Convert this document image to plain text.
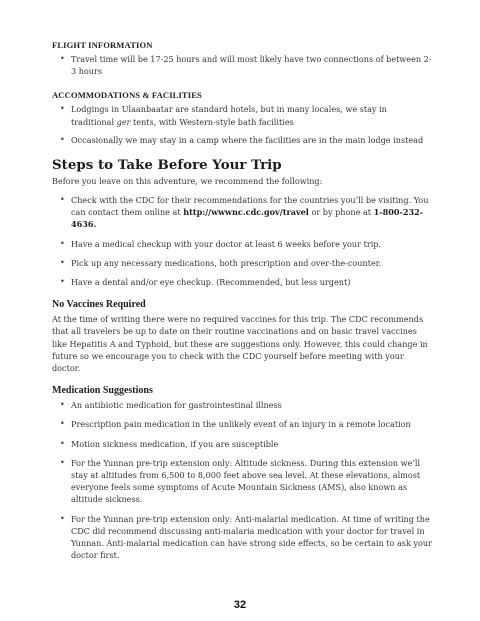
FLIGHT INFORMATION
• Travel time will be 17-25 hours and will most likely have two connections of between 2-3 hours
ACCOMMODATIONS & FACILITIES
• Lodgings in Ulaanbaatar are standard hotels, but in many locales, we stay in traditional ger tents, with Western-style bath facilities
• Occasionally we may stay in a camp where the facilities are in the main lodge instead
Steps to Take Before Your Trip
Before you leave on this adventure, we recommend the following:
• Check with the CDC for their recommendations for the countries you’ll be visiting. You can contact them online at http://wwwnc.cdc.gov/travel or by phone at 1-800-232-4636.
• Have a medical checkup with your doctor at least 6 weeks before your trip.
• Pick up any necessary medications, both prescription and over-the-counter.
• Have a dental and/or eye checkup. (Recommended, but less urgent)
No Vaccines Required
At the time of writing there were no required vaccines for this trip. The CDC recommends that all travelers be up to date on their routine vaccinations and on basic travel vaccines like Hepatitis A and Typhoid, but these are suggestions only. However, this could change in future so we encourage you to check with the CDC yourself before meeting with your doctor.
Medication Suggestions
• An antibiotic medication for gastrointestinal illness
• Prescription pain medication in the unlikely event of an injury in a remote location
• Motion sickness medication, if you are susceptible
• For the Yunnan pre-trip extension only: Altitude sickness. During this extension we’ll stay at altitudes from 6,500 to 8,000 feet above sea level. At these elevations, almost everyone feels some symptoms of Acute Mountain Sickness (AMS), also known as altitude sickness.
• For the Yunnan pre-trip extension only: Anti-malarial medication. At time of writing the CDC did recommend discussing anti-malaria medication with your doctor for travel in Yunnan. Anti-malarial medication can have strong side effects, so be certain to ask your doctor first.
32
